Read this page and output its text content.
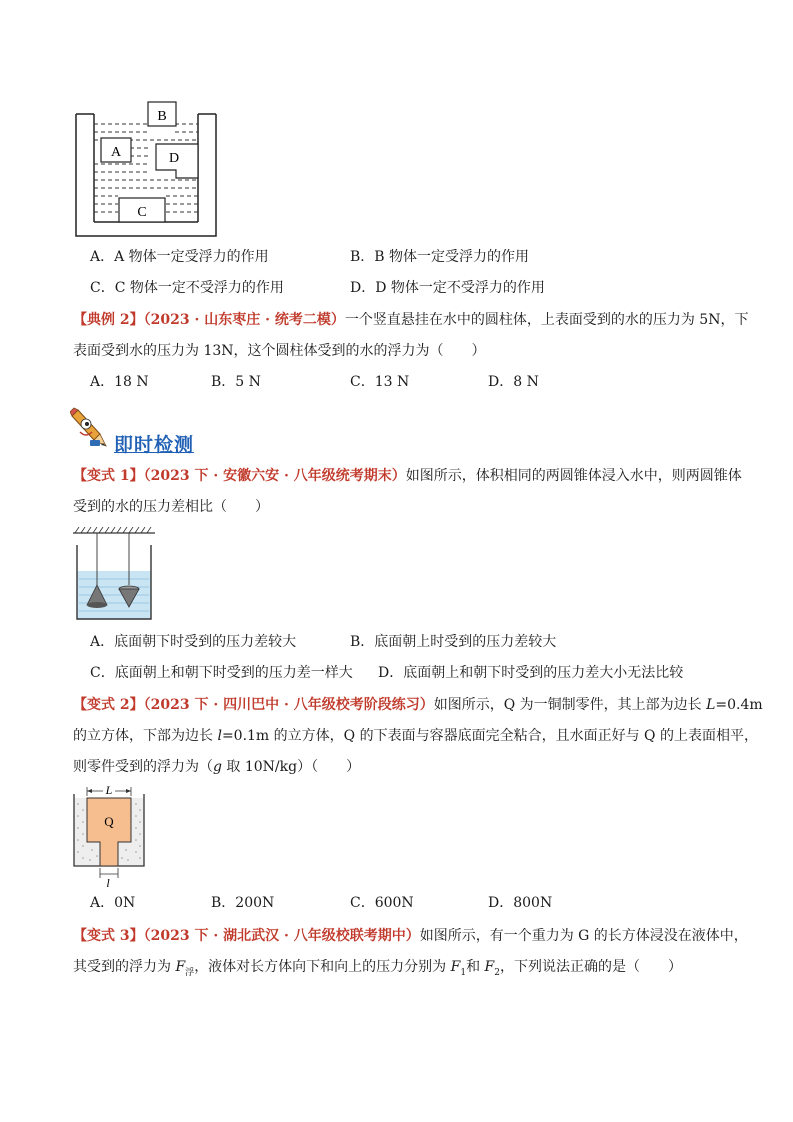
B
A	D
C
A．A 物体一定受浮力的作用	B．B 物体一定受浮力的作用
C．C 物体一定不受浮力的作用	D．D 物体一定不受浮力的作用
【典例 2】（2023 · 山东枣庄 · 统考二模）一个竖直悬挂在水中的圆柱体，上表面受到的水的压力为 5N，下
表面受到水的压力为 13N，这个圆柱体受到的水的浮力为（　　）
A．18 N	B．5 N	C．13 N	D．8 N
即时检测
【变式 1】（2023 下 · 安徽六安 · 八年级统考期末）如图所示，体积相同的两圆锥体浸入水中，则两圆锥体
受到的水的压力差相比（　　）
A．底面朝下时受到的压力差较大	B．底面朝上时受到的压力差较大
C．底面朝上和朝下时受到的压力差一样大 D．底面朝上和朝下时受到的压力差大小无法比较
【变式 2】（2023 下 · 四川巴中 · 八年级校考阶段练习）如图所示，Q 为一铜制零件，其上部为边长 L=0.4m
的立方体，下部为边长 l=0.1m 的立方体，Q 的下表面与容器底面完全粘合，且水面正好与 Q 的上表面相平，
则零件受到的浮力为（g 取 10N/kg）（　　）
L
Q
l
A．0N	B．200N	C．600N	D．800N
【变式 3】（2023 下 · 湖北武汉 · 八年级校联考期中）如图所示，有一个重力为 G 的长方体浸没在液体中，
其受到的浮力为 $F_浮$，液体对长方体向下和向上的压力分别为 $F_1$和 $F_2$，下列说法正确的是（　　）
